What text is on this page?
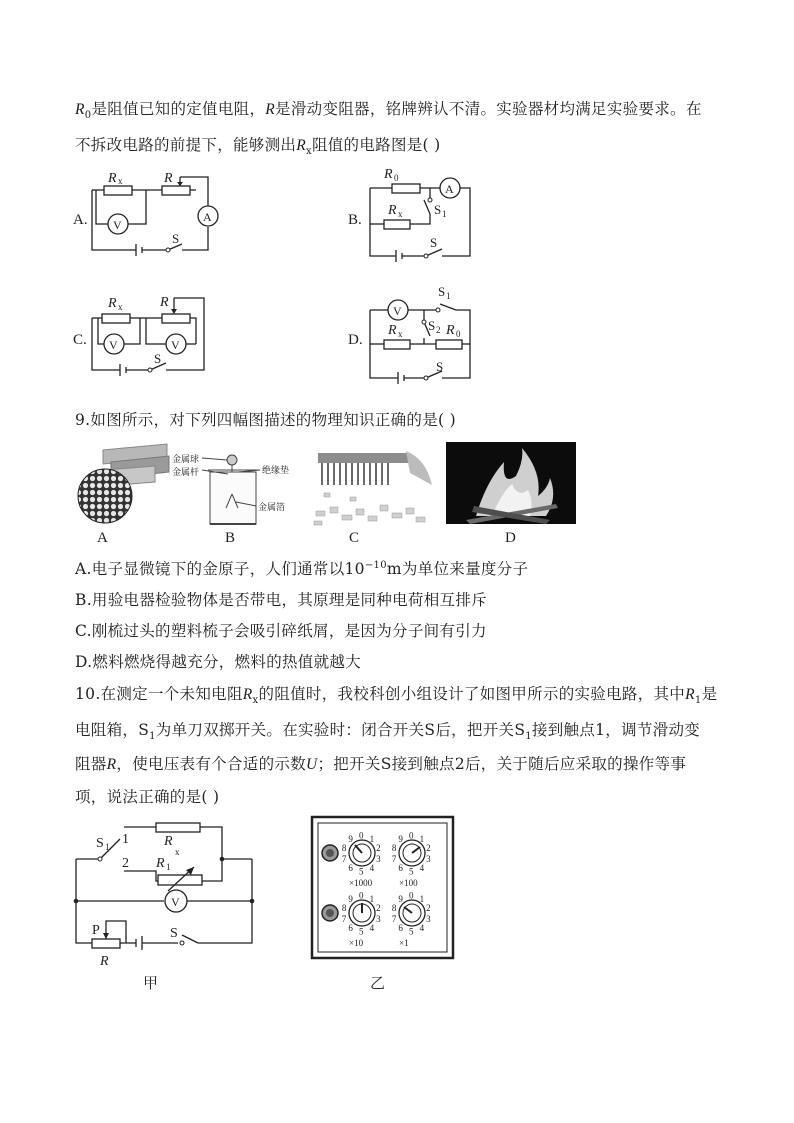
$R_0$是阻值已知的定值电阻，R是滑动变阻器，铭牌辨认不清。实验器材均满足实验要求。在
不拆改电路的前提下，能够测出$R_x$阻值的电路图是( )
A.	B.
C.	D.
R x	R
A
V
S
R 0
R x
A
S 1
S
R x	R
V	V
S
V
S 1
S 2
R x	R 0
S
9.如图所示，对下列四幅图描述的物理知识正确的是( )
A
金属球
金属杆	绝缘垫
金属箔
B	C	D
A.电子显微镜下的金原子，人们通常以$10^{-10}m$为单位来量度分子
B.用验电器检验物体是否带电，其原理是同种电荷相互排斥
C.刚梳过头的塑料梳子会吸引碎纸屑，是因为分子间有引力
D.燃料燃烧得越充分，燃料的热值就越大
10.在测定一个未知电阻$R_x$的阻值时，我校科创小组设计了如图甲所示的实验电路，其中$R_1$是
电阻箱，$S_1$为单刀双掷开关。在实验时：闭合开关S后，把开关$S_1$接到触点1，调节滑动变
阻器R，使电压表有个合适的示数U；把开关S接到触点2后，关于随后应采取的操作等事
项，说法正确的是( )
S 1 1
2
R
x
R 1
V
P
R
S
甲
0 1
2
3
4
5
6
7
8
9
×1000
0 1
2
3
4
5
6
7
8
9
×100
0 1
2
3
4
5
6
7
8
9
×10
0 1
2
3
4
5
6
7
8
9
×1
乙
